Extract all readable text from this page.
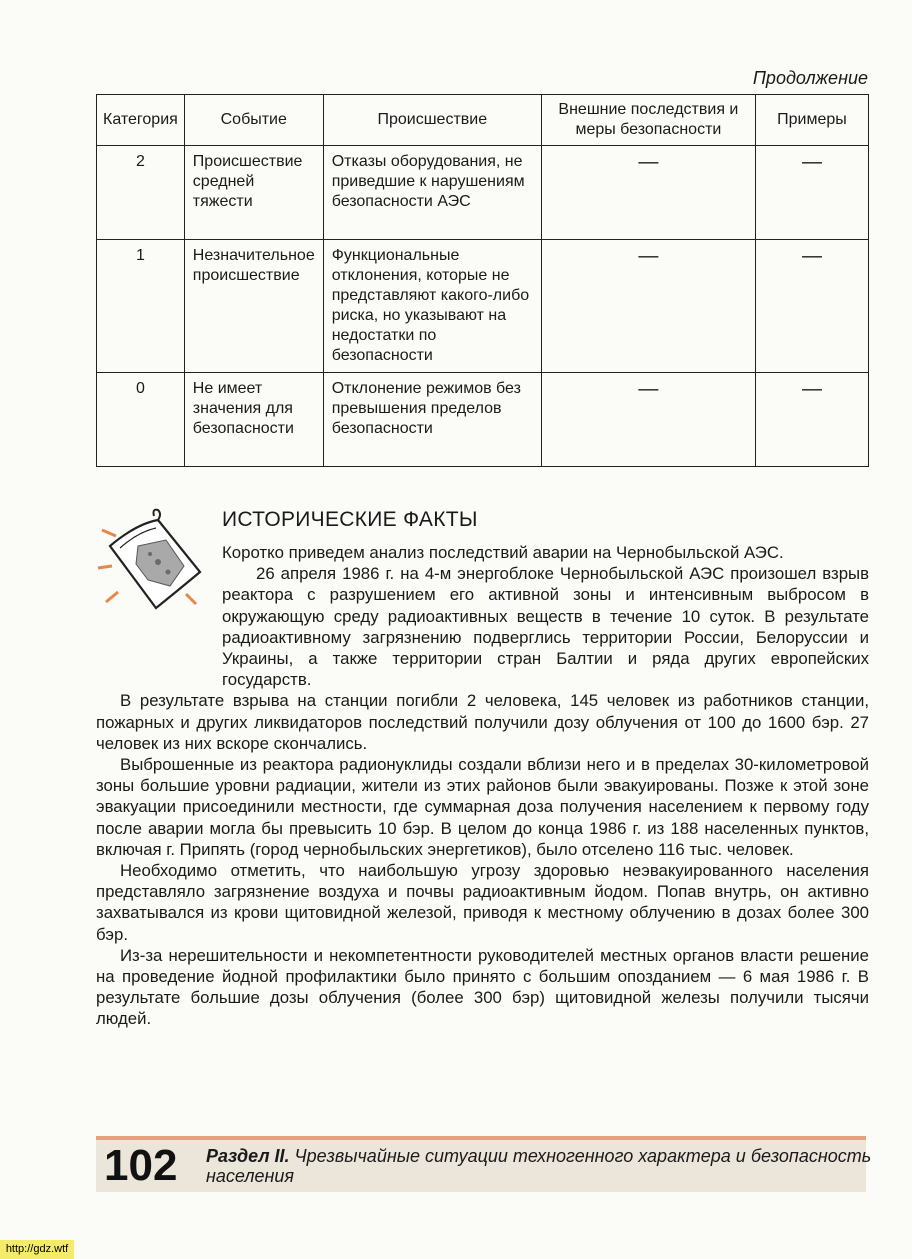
Продолжение
Категория	Событие	Происшествие	Внешние последствия и меры безопасности	Примеры
2	Происшествие средней тяжести	Отказы оборудования, не приведшие к нарушениям безопасности АЭС	—	—
1	Незначительное происшествие	Функциональные отклонения, которые не представляют какого-либо риска, но указывают на недостатки по безопасности	—	—
0	Не имеет значения для безопасности	Отклонение режимов без превышения пределов безопасности	—	—
ИСТОРИЧЕСКИЕ ФАКТЫ

Коротко приведем анализ последствий аварии на Чернобыльской АЭС.

26 апреля 1986 г. на 4-м энергоблоке Чернобыльской АЭС произошел взрыв реактора с разрушением его активной зоны и интенсивным выбросом в окружающую среду радиоактивных веществ в течение 10 суток. В результате радиоактивному загрязнению подверглись территории России, Белоруссии и Украины, а также территории стран Балтии и ряда других европейских государств.

В результате взрыва на станции погибли 2 человека, 145 человек из работников станции, пожарных и других ликвидаторов последствий получили дозу облучения от 100 до 1600 бэр. 27 человек из них вскоре скончались.

Выброшенные из реактора радионуклиды создали вблизи него и в пределах 30-километровой зоны большие уровни радиации, жители из этих районов были эвакуированы. Позже к этой зоне эвакуации присоединили местности, где суммарная доза получения населением к первому году после аварии могла бы превысить 10 бэр. В целом до конца 1986 г. из 188 населенных пунктов, включая г. Припять (город чернобыльских энергетиков), было отселено 116 тыс. человек.

Необходимо отметить, что наибольшую угрозу здоровью неэвакуированного населения представляло загрязнение воздуха и почвы радиоактивным йодом. Попав внутрь, он активно захватывался из крови щитовидной железой, приводя к местному облучению в дозах более 300 бэр.

Из-за нерешительности и некомпетентности руководителей местных органов власти решение на проведение йодной профилактики было принято с большим опозданием — 6 мая 1986 г. В результате большие дозы облучения (более 300 бэр) щитовидной железы получили тысячи людей.

102 Раздел II. Чрезвычайные ситуации техногенного характера и безопасность населения
http://gdz.wtf
